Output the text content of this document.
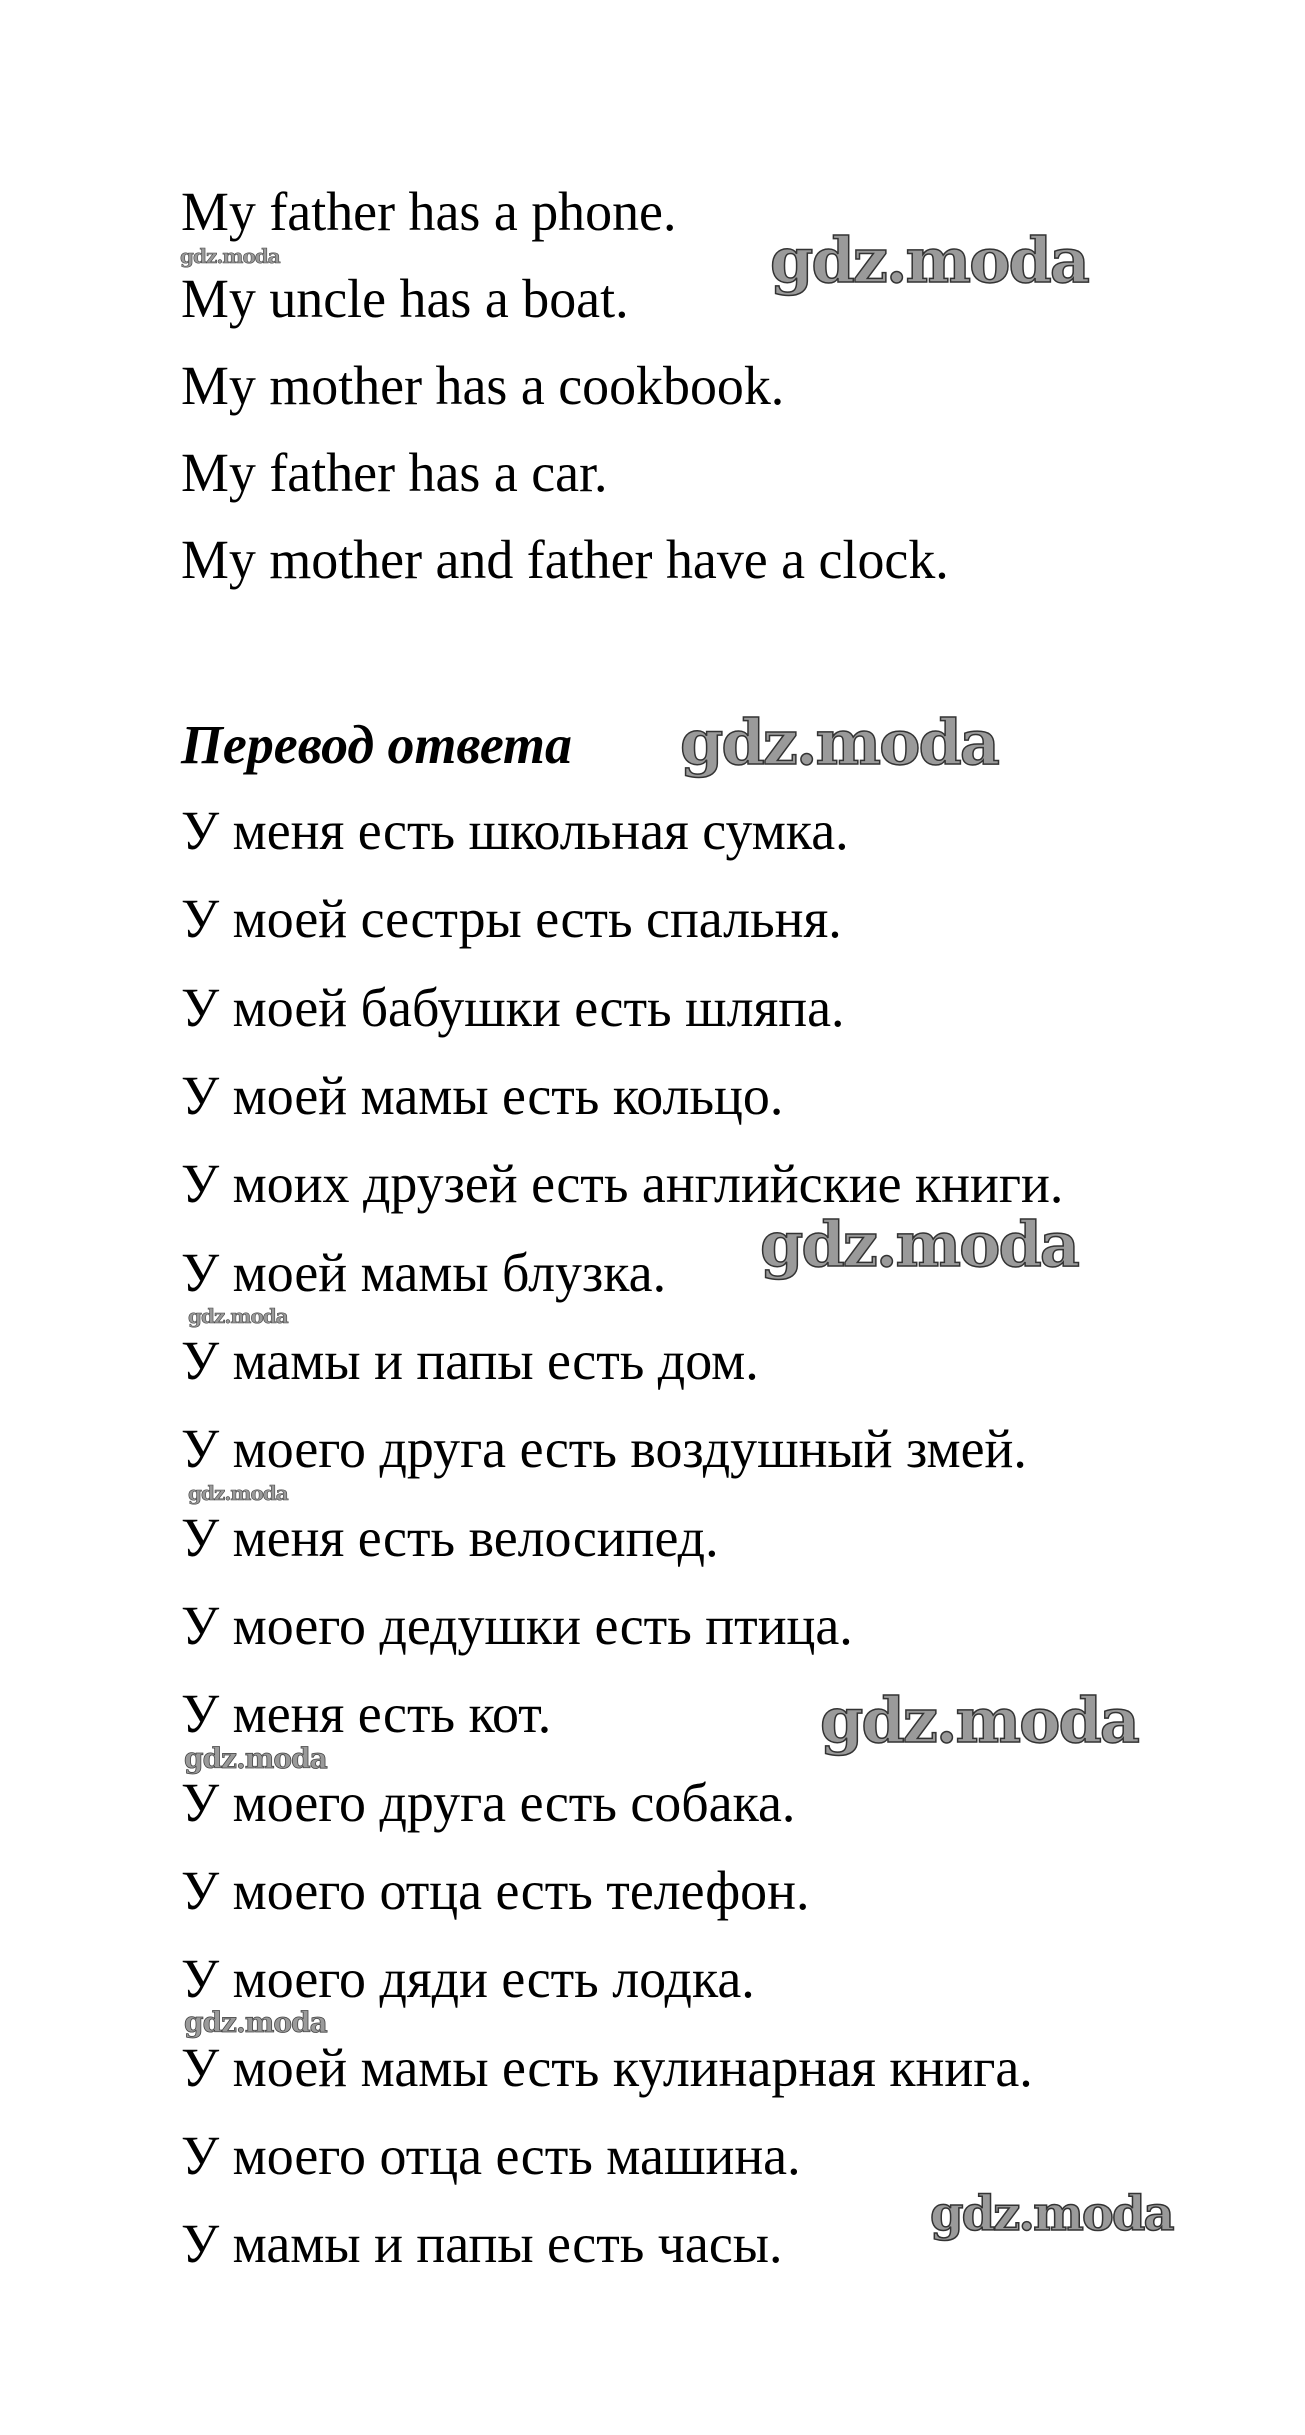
My father has a phone.
My uncle has a boat.
My mother has a cookbook.
My father has a car.
My mother and father have a clock.
Перевод ответа
У меня есть школьная сумка.
У моей сестры есть спальня.
У моей бабушки есть шляпа.
У моей мамы есть кольцо.
У моих друзей есть английские книги.
У моей мамы блузка.
У мамы и папы есть дом.
У моего друга есть воздушный змей.
У меня есть велосипед.
У моего дедушки есть птица.
У меня есть кот.
У моего друга есть собака.
У моего отца есть телефон.
У моего дяди есть лодка.
У моей мамы есть кулинарная книга.
У моего отца есть машина.
У мамы и папы есть часы.
gdz.moda
gdz.moda
gdz.moda
gdz.moda
gdz.moda
gdz.moda
gdz.moda
gdz.moda
gdz.moda
gdz.moda
